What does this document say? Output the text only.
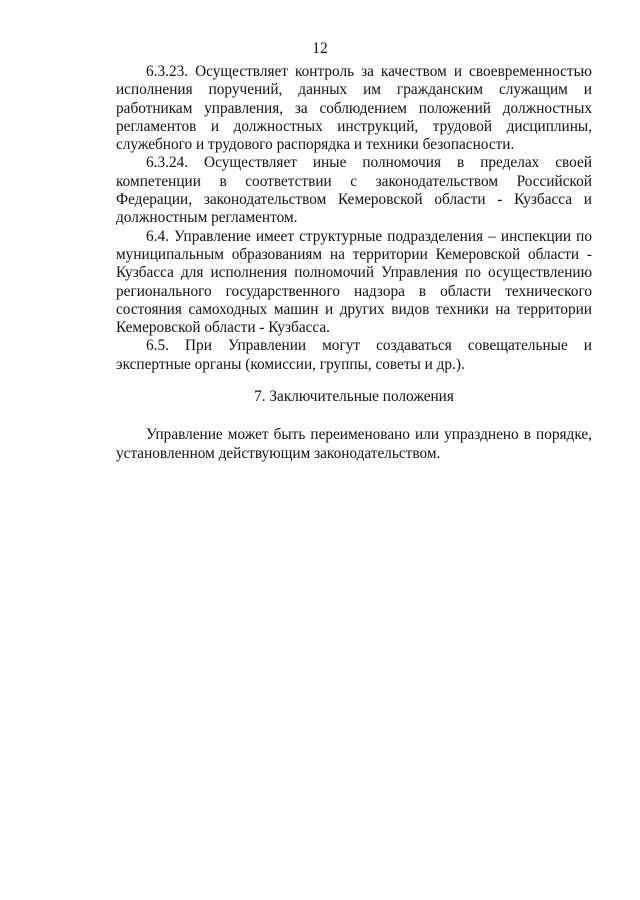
12

6.3.23. Осуществляет контроль за качеством и своевременностью исполнения поручений, данных им гражданским служащим и работникам управления, за соблюдением положений должностных регламентов и должностных инструкций, трудовой дисциплины, служебного и трудового распорядка и техники безопасности.

6.3.24. Осуществляет иные полномочия в пределах своей компетенции в соответствии с законодательством Российской Федерации, законодательством Кемеровской области - Кузбасса и должностным регламентом.

6.4. Управление имеет структурные подразделения – инспекции по муниципальным образованиям на территории Кемеровской области - Кузбасса для исполнения полномочий Управления по осуществлению регионального государственного надзора в области технического состояния самоходных машин и других видов техники на территории Кемеровской области - Кузбасса.

6.5. При Управлении могут создаваться совещательные и экспертные органы (комиссии, группы, советы и др.).

7. Заключительные положения

Управление может быть переименовано или упразднено в порядке, установленном действующим законодательством.
